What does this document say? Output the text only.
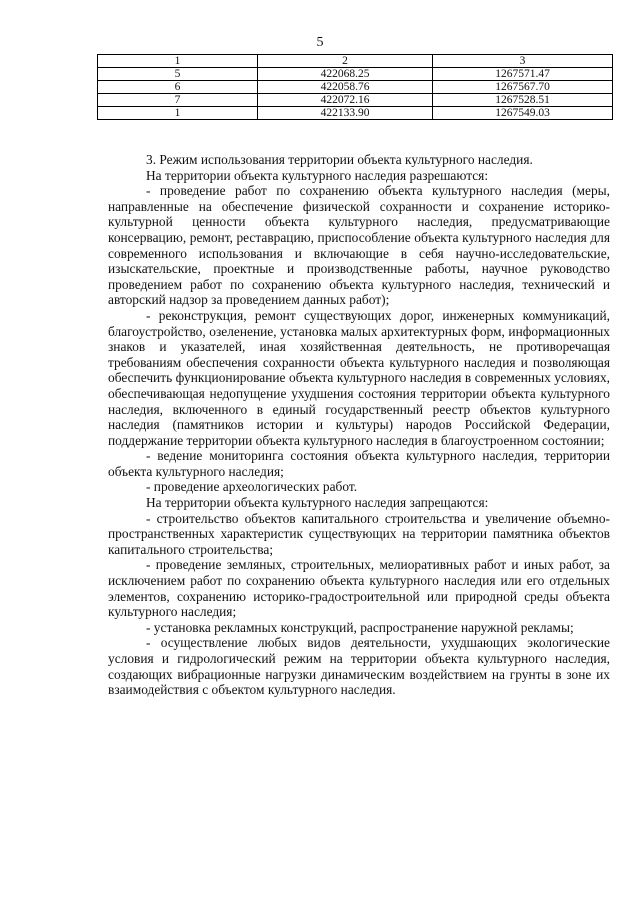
5
1	2	3
5	422068.25	1267571.47
6	422058.76	1267567.70
7	422072.16	1267528.51
1	422133.90	1267549.03

3. Режим использования территории объекта культурного наследия.

На территории объекта культурного наследия разрешаются:

- проведение работ по сохранению объекта культурного наследия (меры, направленные на обеспечение физической сохранности и сохранение историко-культурной ценности объекта культурного наследия, предусматривающие консервацию, ремонт, реставрацию, приспособление объекта культурного наследия для современного использования и включающие в себя научно-исследовательские, изыскательские, проектные и производственные работы, научное руководство проведением работ по сохранению объекта культурного наследия, технический и авторский надзор за проведением данных работ);

- реконструкция, ремонт существующих дорог, инженерных коммуникаций, благоустройство, озеленение, установка малых архитектурных форм, информационных знаков и указателей, иная хозяйственная деятельность, не противоречащая требованиям обеспечения сохранности объекта культурного наследия и позволяющая обеспечить функционирование объекта культурного наследия в современных условиях, обеспечивающая недопущение ухудшения состояния территории объекта культурного наследия, включенного в единый государственный реестр объектов культурного наследия (памятников истории и культуры) народов Российской Федерации, поддержание территории объекта культурного наследия в благоустроенном состоянии;

- ведение мониторинга состояния объекта культурного наследия, территории объекта культурного наследия;

- проведение археологических работ.

На территории объекта культурного наследия запрещаются:

- строительство объектов капитального строительства и увеличение объемно-пространственных характеристик существующих на территории памятника объектов капитального строительства;

- проведение земляных, строительных, мелиоративных работ и иных работ, за исключением работ по сохранению объекта культурного наследия или его отдельных элементов, сохранению историко-градостроительной или природной среды объекта культурного наследия;

- установка рекламных конструкций, распространение наружной рекламы;

- осуществление любых видов деятельности, ухудшающих экологические условия и гидрологический режим на территории объекта культурного наследия, создающих вибрационные нагрузки динамическим воздействием на грунты в зоне их взаимодействия с объектом культурного наследия.
